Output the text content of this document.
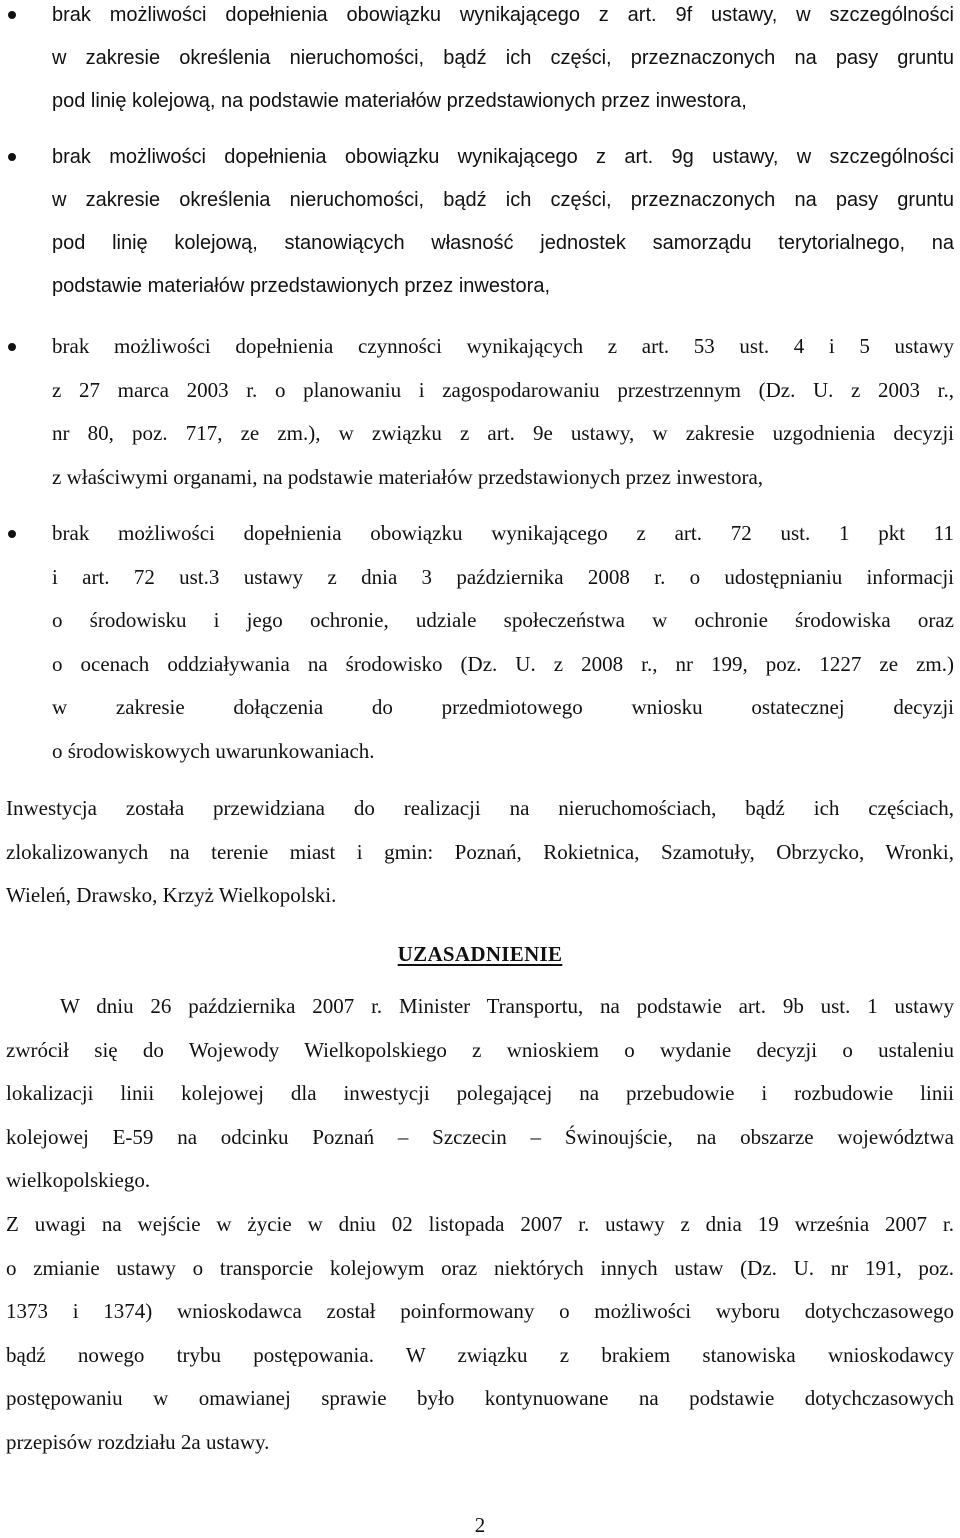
brak możliwości dopełnienia obowiązku wynikającego z art. 9f ustawy, w szczególności
w zakresie określenia nieruchomości, bądź ich części, przeznaczonych na pasy gruntu
pod linię kolejową, na podstawie materiałów przedstawionych przez inwestora,
brak możliwości dopełnienia obowiązku wynikającego z art. 9g ustawy, w szczególności
w zakresie określenia nieruchomości, bądź ich części, przeznaczonych na pasy gruntu
pod linię kolejową, stanowiących własność jednostek samorządu terytorialnego, na
podstawie materiałów przedstawionych przez inwestora,
brak możliwości dopełnienia czynności wynikających z art. 53 ust. 4 i 5 ustawy
z 27 marca 2003 r. o planowaniu i zagospodarowaniu przestrzennym (Dz. U. z 2003 r.,
nr 80, poz. 717, ze zm.), w związku z art. 9e ustawy, w zakresie uzgodnienia decyzji
z właściwymi organami, na podstawie materiałów przedstawionych przez inwestora,
brak możliwości dopełnienia obowiązku wynikającego z art. 72 ust. 1 pkt 11
i art. 72 ust.3 ustawy z dnia 3 października 2008 r. o udostępnianiu informacji
o środowisku i jego ochronie, udziale społeczeństwa w ochronie środowiska oraz
o ocenach oddziaływania na środowisko (Dz. U. z 2008 r., nr 199, poz. 1227 ze zm.)
w zakresie dołączenia do przedmiotowego wniosku ostatecznej decyzji
o środowiskowych uwarunkowaniach.
Inwestycja została przewidziana do realizacji na nieruchomościach, bądź ich częściach,
zlokalizowanych na terenie miast i gmin: Poznań, Rokietnica, Szamotuły, Obrzycko, Wronki,
Wieleń, Drawsko, Krzyż Wielkopolski.
UZASADNIENIE
W dniu 26 października 2007 r. Minister Transportu, na podstawie art. 9b ust. 1 ustawy
zwrócił się do Wojewody Wielkopolskiego z wnioskiem o wydanie decyzji o ustaleniu
lokalizacji linii kolejowej dla inwestycji polegającej na przebudowie i rozbudowie linii
kolejowej E-59 na odcinku Poznań – Szczecin – Świnoujście, na obszarze województwa
wielkopolskiego.
Z uwagi na wejście w życie w dniu 02 listopada 2007 r. ustawy z dnia 19 września 2007 r.
o zmianie ustawy o transporcie kolejowym oraz niektórych innych ustaw (Dz. U. nr 191, poz.
1373 i 1374) wnioskodawca został poinformowany o możliwości wyboru dotychczasowego
bądź nowego trybu postępowania. W związku z brakiem stanowiska wnioskodawcy
postępowaniu w omawianej sprawie było kontynuowane na podstawie dotychczasowych
przepisów rozdziału 2a ustawy.
2
